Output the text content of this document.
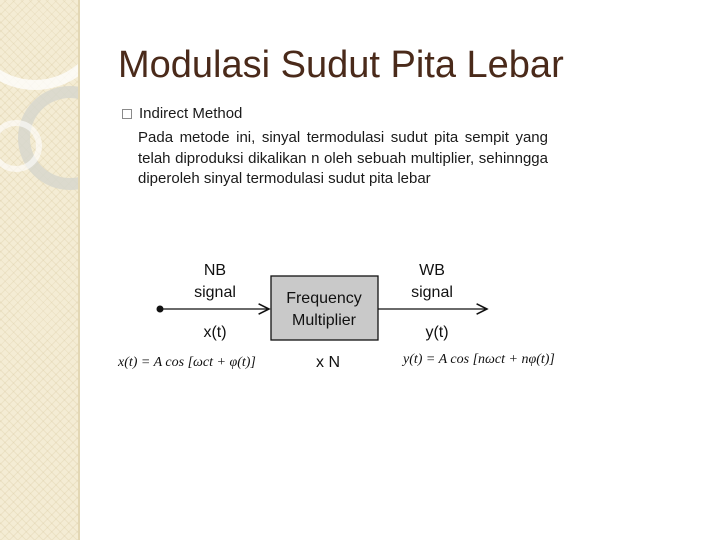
Modulasi Sudut Pita Lebar
Indirect Method
Pada metode ini, sinyal termodulasi sudut pita sempit yang telah diproduksi dikalikan n oleh sebuah multiplier, sehinngga diperoleh sinyal termodulasi sudut pita lebar
NB
signal
x(t)
Frequency
Multiplier
x N
WB
signal
y(t)
x(t) = A cos [ωct + φ(t)]	y(t) = A cos [nωct + nφ(t)]
